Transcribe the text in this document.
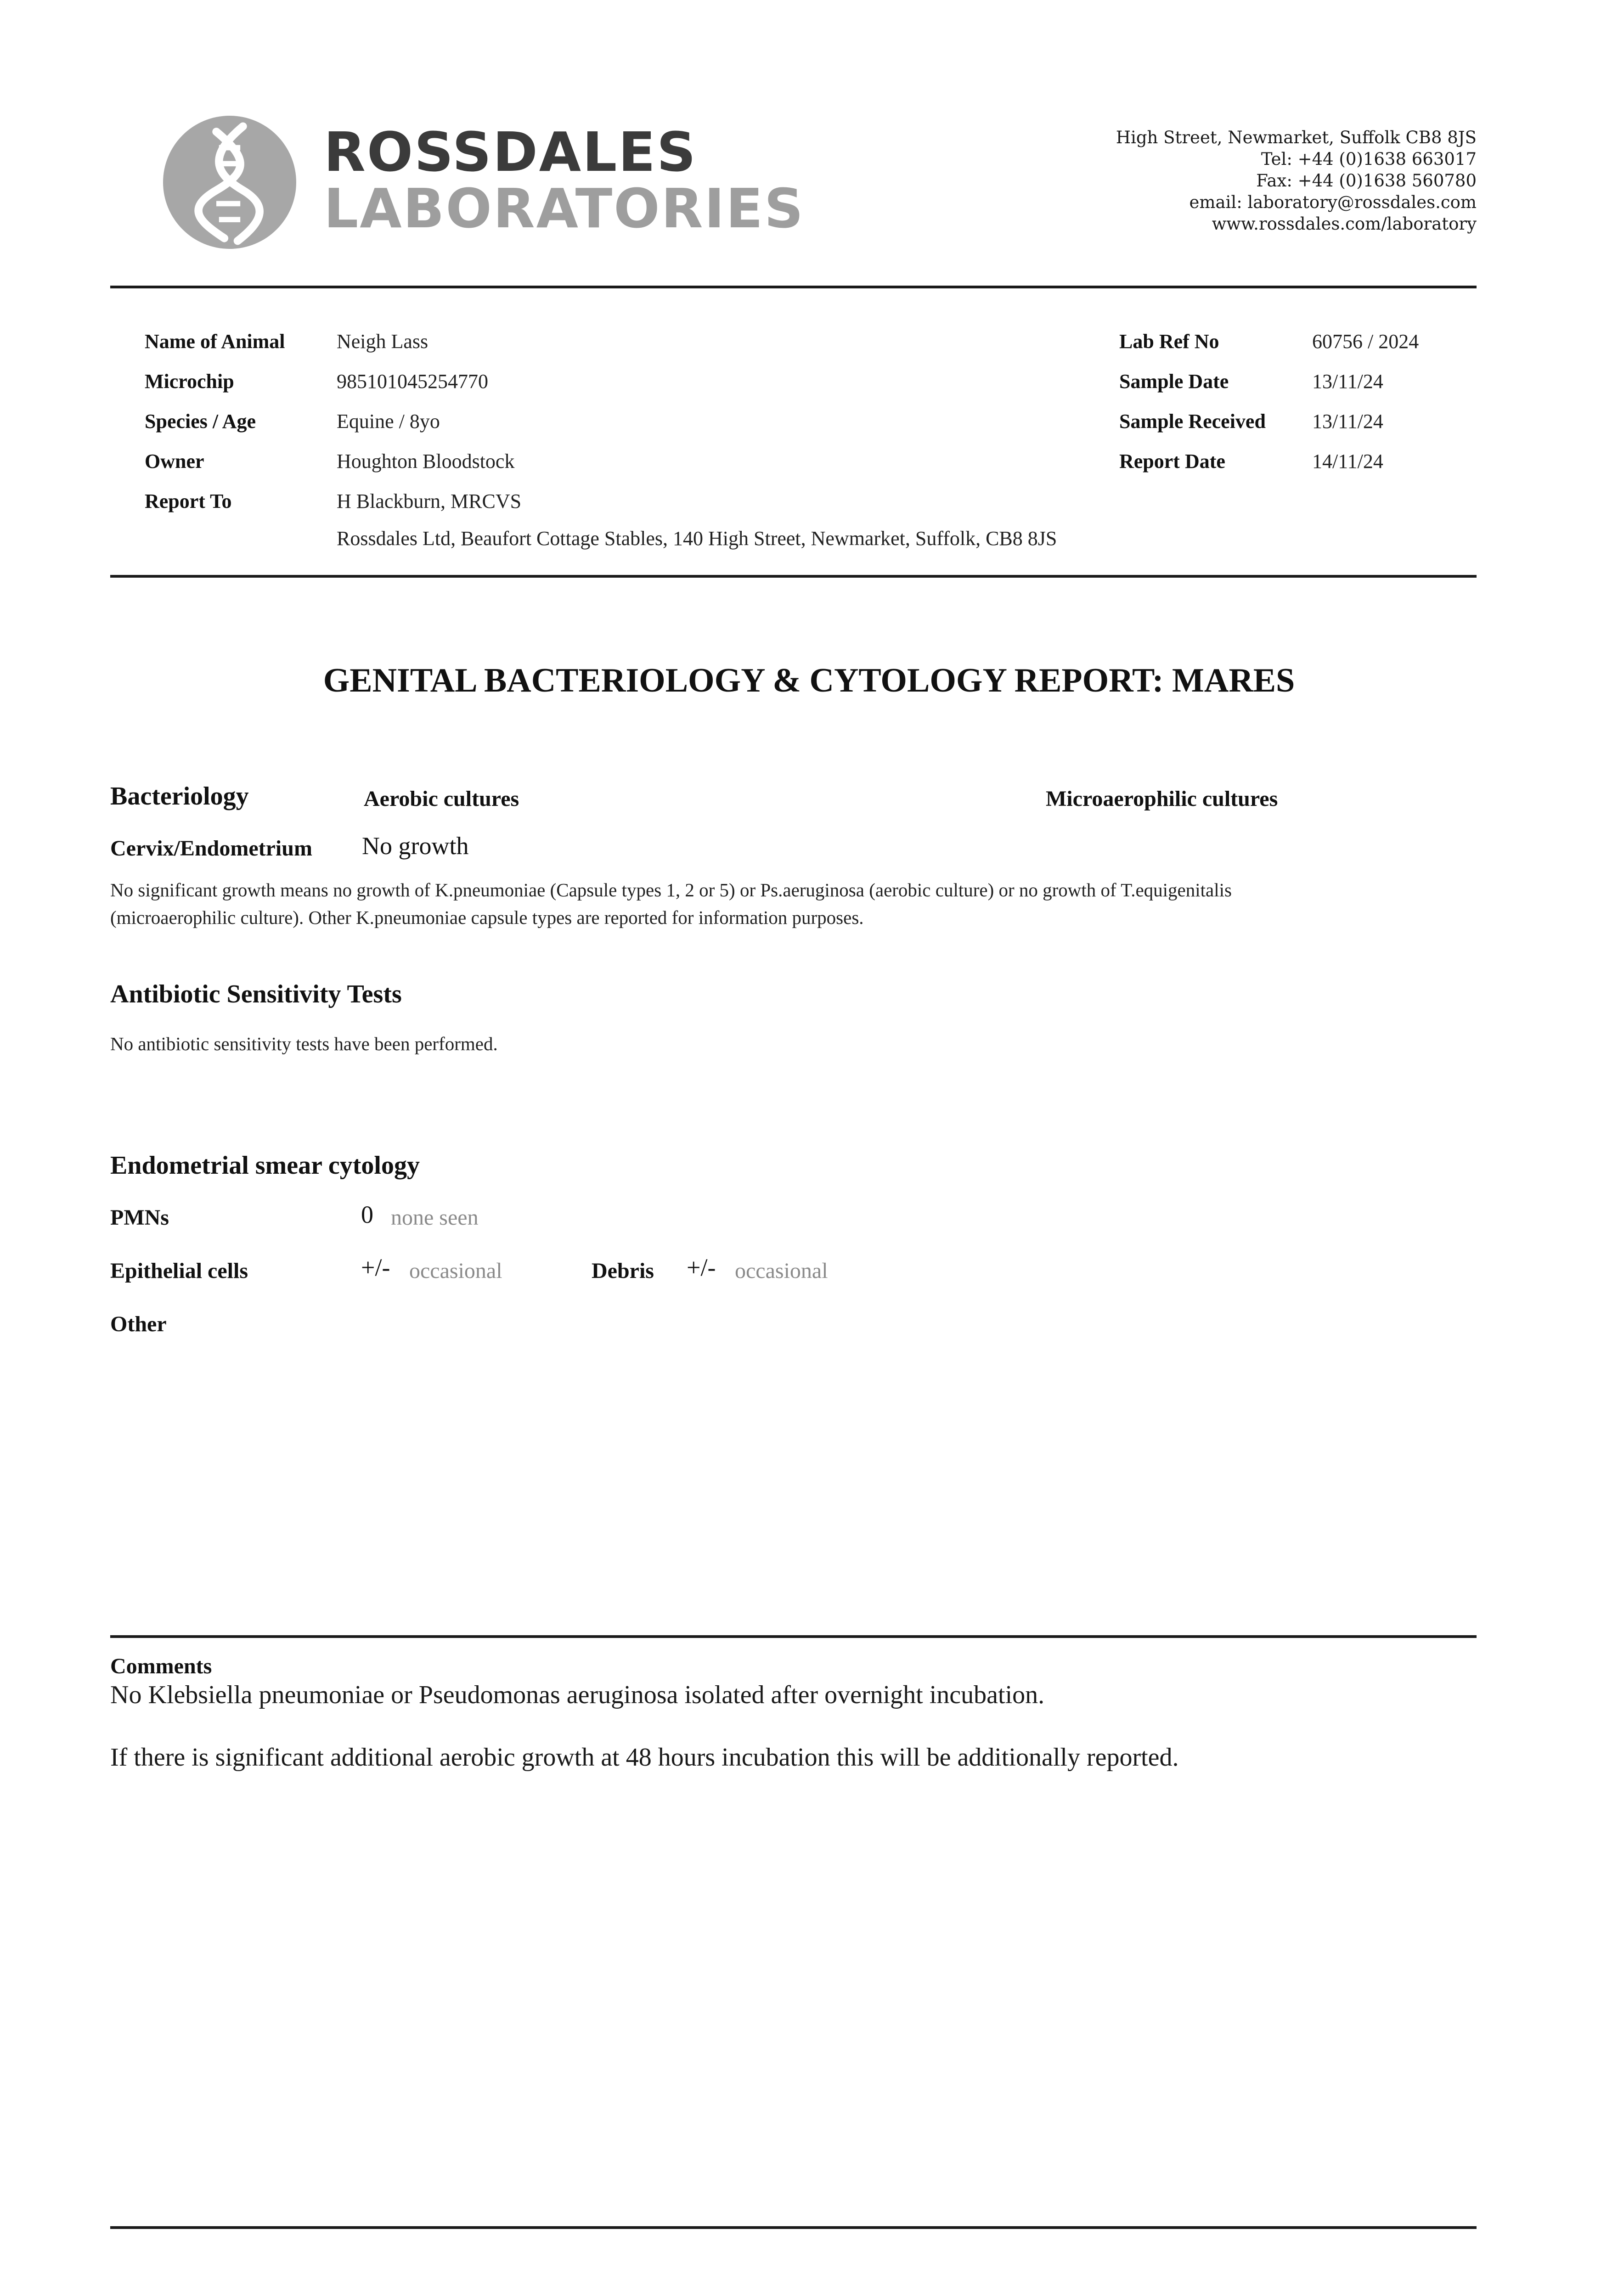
ROSSDALES
LABORATORIES
High Street, Newmarket, Suffolk CB8 8JS
Tel: +44 (0)1638 663017
Fax: +44 (0)1638 560780
email: laboratory@rossdales.com
www.rossdales.com/laboratory
Name of Animal	Neigh Lass
Microchip	985101045254770
Species / Age	Equine / 8yo
Owner	Houghton Bloodstock
Report To	H Blackburn, MRCVS
Rossdales Ltd, Beaufort Cottage Stables, 140 High Street, Newmarket, Suffolk, CB8 8JS
Lab Ref No	60756 / 2024
Sample Date	13/11/24
Sample Received 13/11/24
Report Date	14/11/24
GENITAL BACTERIOLOGY & CYTOLOGY REPORT: MARES
Bacteriology	Aerobic cultures	Microaerophilic cultures
Cervix/Endometrium No growth
No significant growth means no growth of K.pneumoniae (Capsule types 1, 2 or 5) or Ps.aeruginosa (aerobic culture) or no growth of T.equigenitalis
(microaerophilic culture). Other K.pneumoniae capsule types are reported for information purposes.
Antibiotic Sensitivity Tests
No antibiotic sensitivity tests have been performed.
Endometrial smear cytology
PMNs	0 none seen
Epithelial cells	+/- occasional	Debris +/- occasional
Other
Comments
No Klebsiella pneumoniae or Pseudomonas aeruginosa isolated after overnight incubation.
If there is significant additional aerobic growth at 48 hours incubation this will be additionally reported.
